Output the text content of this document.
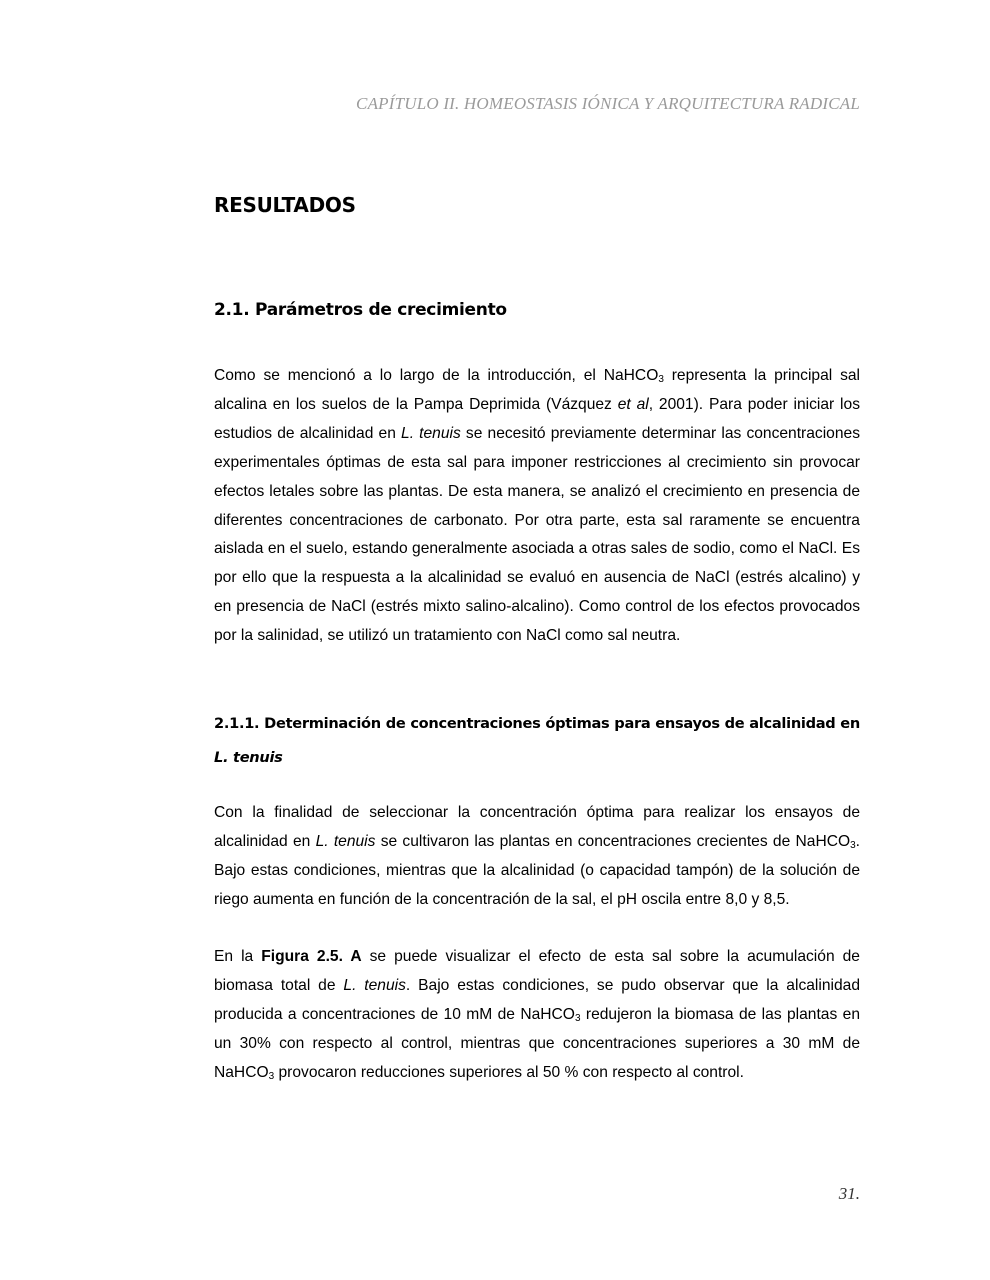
CAPÍTULO II. HOMEOSTASIS IÓNICA Y ARQUITECTURA RADICAL
RESULTADOS
2.1. Parámetros de crecimiento

Como se mencionó a lo largo de la introducción, el NaHCO$_3$ representa la principal sal alcalina en los suelos de la Pampa Deprimida (Vázquez et al, 2001). Para poder iniciar los estudios de alcalinidad en L. tenuis se necesitó previamente determinar las concentraciones experimentales óptimas de esta sal para imponer restricciones al crecimiento sin provocar efectos letales sobre las plantas. De esta manera, se analizó el crecimiento en presencia de diferentes concentraciones de carbonato. Por otra parte, esta sal raramente se encuentra aislada en el suelo, estando generalmente asociada a otras sales de sodio, como el NaCl. Es por ello que la respuesta a la alcalinidad se evaluó en ausencia de NaCl (estrés alcalino) y en presencia de NaCl (estrés mixto salino-alcalino). Como control de los efectos provocados por la salinidad, se utilizó un tratamiento con NaCl como sal neutra.

2.1.1. Determinación de concentraciones óptimas para ensayos de alcalinidad en L. tenuis

Con la finalidad de seleccionar la concentración óptima para realizar los ensayos de alcalinidad en L. tenuis se cultivaron las plantas en concentraciones crecientes de NaHCO$_3$. Bajo estas condiciones, mientras que la alcalinidad (o capacidad tampón) de la solución de riego aumenta en función de la concentración de la sal, el pH oscila entre 8,0 y 8,5.

En la Figura 2.5. A se puede visualizar el efecto de esta sal sobre la acumulación de biomasa total de L. tenuis. Bajo estas condiciones, se pudo observar que la alcalinidad producida a concentraciones de 10 mM de NaHCO$_3$ redujeron la biomasa de las plantas en un 30% con respecto al control, mientras que concentraciones superiores a 30 mM de NaHCO$_3$ provocaron reducciones superiores al 50 % con respecto al control.

31.
